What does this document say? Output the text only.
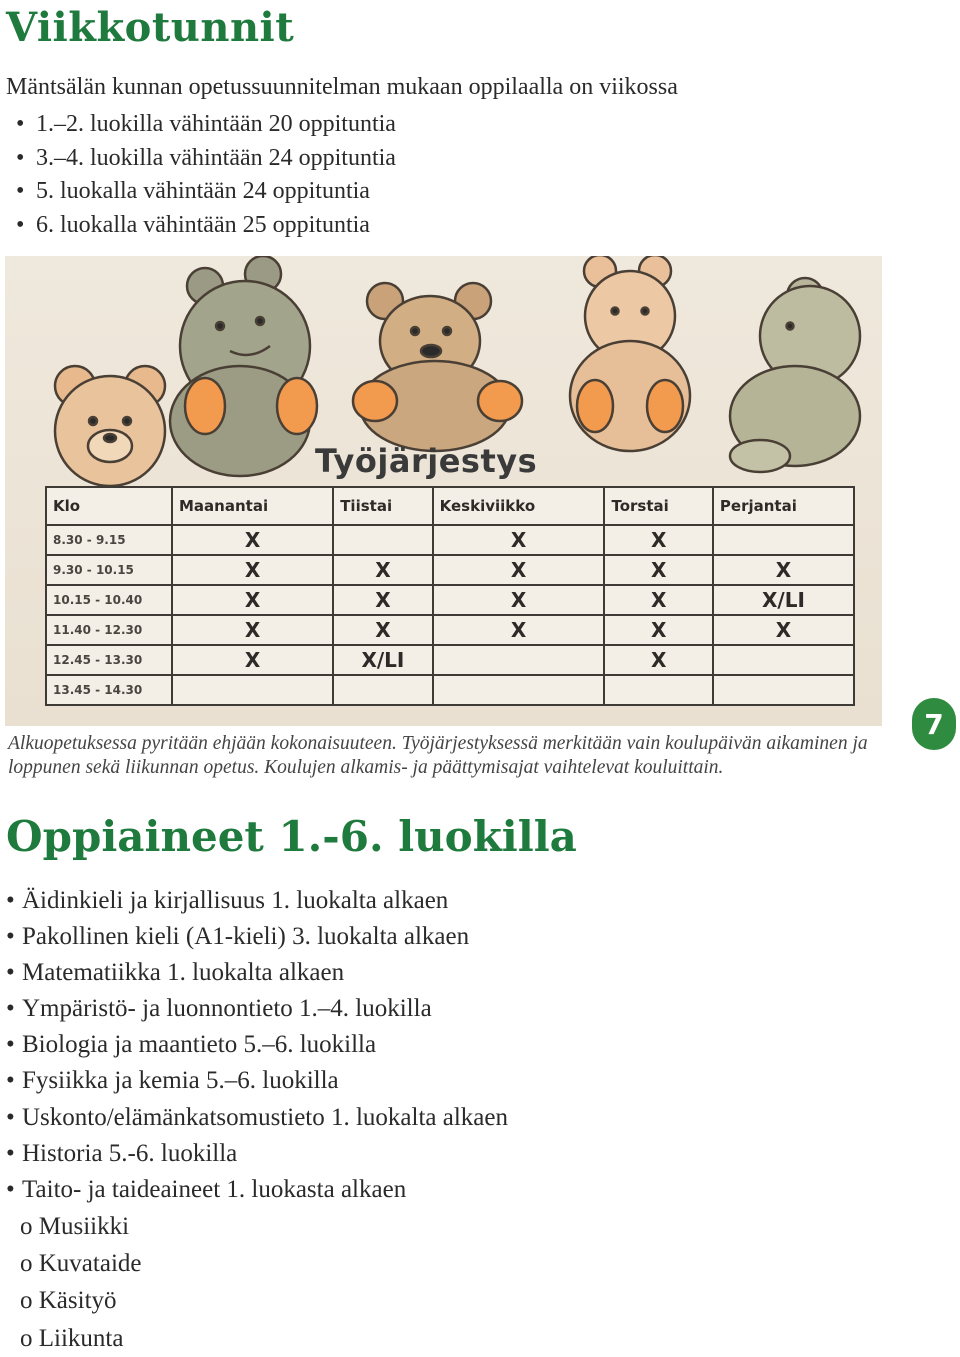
Viikkotunnit
Mäntsälän kunnan opetussuunnitelman mukaan oppilaalla on viikossa
• 1.–2. luokilla vähintään 20 oppituntia
• 3.–4. luokilla vähintään 24 oppituntia
• 5. luokalla vähintään 24 oppituntia
• 6. luokalla vähintään 25 oppituntia
Työjärjestys
Klo	Maanantai	Tiistai	Keskiviikko	Torstai	Perjantai
8.30 - 9.15	X		X	X	
9.30 - 10.15	X	X	X	X	X
10.15 - 10.40	X	X	X	X	X/LI
11.40 - 12.30	X	X	X	X	X
12.45 - 13.30	X	X/LI		X	
13.45 - 14.30					

Alkuopetuksessa pyritään ehjään kokonaisuuteen. Työjärjestyksessä merkitään vain koulupäivän aikaminen ja loppunen sekä liikunnan opetus. Koulujen alkamis- ja päättymisajat vaihtelevat kouluittain.

7
Oppiaineet 1.-6. luokilla
• Äidinkieli ja kirjallisuus 1. luokalta alkaen
• Pakollinen kieli (A1-kieli) 3. luokalta alkaen
• Matematiikka 1. luokalta alkaen
• Ympäristö- ja luonnontieto 1.–4. luokilla
• Biologia ja maantieto 5.–6. luokilla
• Fysiikka ja kemia 5.–6. luokilla
• Uskonto/elämänkatsomustieto 1. luokalta alkaen
• Historia 5.-6. luokilla
• Taito- ja taideaineet 1. luokasta alkaen
o Musiikki
o Kuvataide
o Käsityö
o Liikunta
